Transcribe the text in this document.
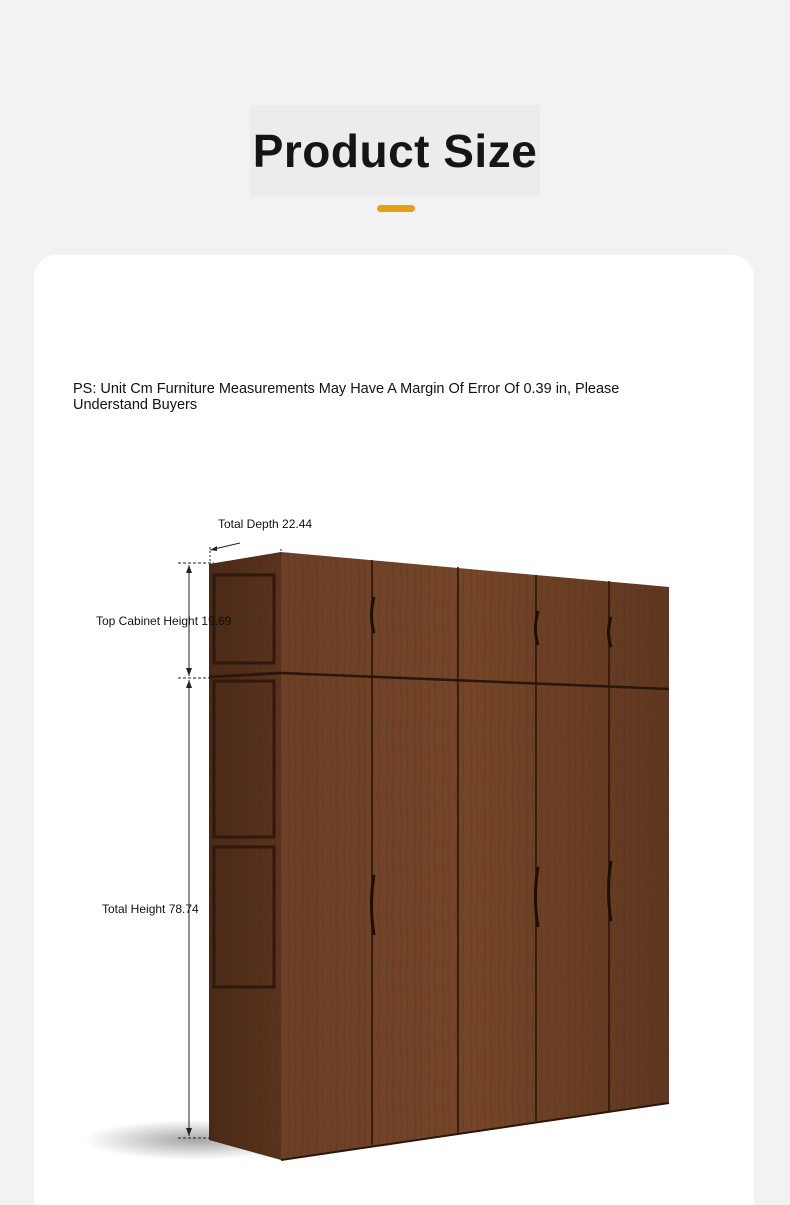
Product Size

PS: Unit Cm Furniture Measurements May Have A Margin Of Error Of 0.39 in, Please Understand Buyers

Total Depth 22.44
Top Cabinet Height 19.69
Total Height 78.74
